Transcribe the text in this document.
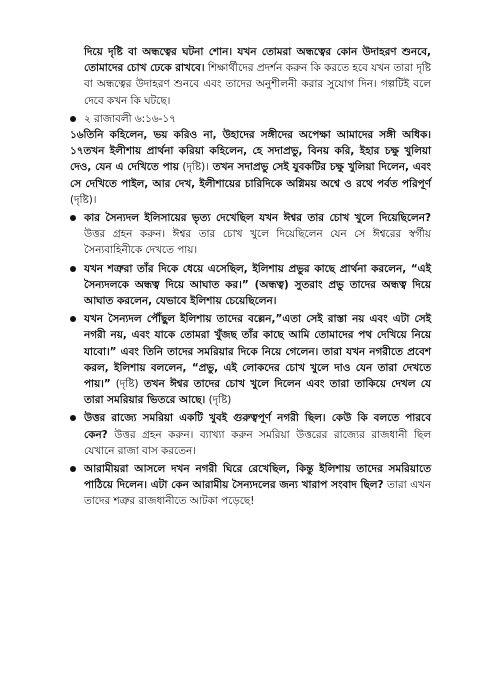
দিয়ে দৃষ্টি বা অন্ধত্বের ঘটনা শোন। যখন তোমরা অন্ধত্বের কোন উদাহরণ শুনবে, তোমাদের চোখ ঢেকে রাখবে। শিক্ষার্থীদের প্রদর্শন করুন কি করতে হবে যখন তারা দৃষ্টি বা অন্ধত্বের উদাহরণ শুনবে এবং তাদের অনুশীলনী করার সুযোগ দিন। গল্পটিই বলে দেবে কখন কি ঘটছে।

২ রাজাবলী ৬:১৬-১৭

১৬তিনি কহিলেন, ভয় করিও না, উহাদের সঙ্গীদের অপেক্ষা আমাদের সঙ্গী অধিক। ১৭তখন ইলীশায় প্রার্থনা করিয়া কহিলেন, হে সদাপ্রভু, বিনয় করি, ইহার চক্ষু খুলিয়া দেও, যেন এ দেখিতে পায় (দৃষ্টি)। তখন সদাপ্রভু সেই যুবকটির চক্ষু খুলিয়া দিলেন, এবং সে দেখিতে পাইল, আর দেখ, ইলীশায়ের চারিদিকে অগ্নিময় অশ্বে ও রথে পর্বত পরিপূর্ণ (দৃষ্টি)।

কার সৈন্যদল ইলিসায়ের ভৃত্য দেখেছিল যখন ঈশ্বর তার চোখ খুলে দিয়েছিলেন? উত্তর গ্রহন করুন। ঈশ্বর তার চোখ খুলে দিয়েছিলেন যেন সে ঈশ্বরের স্বর্গীয় সৈন্যবাহিনীকে দেখতে পায়।
যখন শত্রুরা তাঁর দিকে ধেয়ে এসেছিল, ইলিশায় প্রভুর কাছে প্রার্থনা করলেন, “এই সৈন্যদলকে অন্ধত্ব দিয়ে আঘাত কর।” (অন্ধত্ব) সুতরাং প্রভু তাদের অন্ধত্ব দিয়ে আঘাত করলেন, যেভাবে ইলিশায় চেয়েছিলেন।
যখন সৈন্যদল পৌঁছুল ইলিশায় তাদের বল্লেন,”এতা সেই রাস্তা নয় এবং এটা সেই নগরী নয়, এবং যাকে তোমরা খুঁজছ তাঁর কাছে আমি তোমাদের পথ দেখিয়ে নিয়ে যাবো।” এবং তিনি তাদের সমরিয়ার দিকে নিয়ে গেলেন। তারা যখন নগরীতে প্রবেশ করল, ইলিশায় বললেন, “প্রভু, এই লোকদের চোখ খুলে দাও যেন তারা দেখতে পায়।” (দৃষ্টি) তখন ঈশ্বর তাদের চোখ খুলে দিলেন এবং তারা তাকিয়ে দেখল যে তারা সমরিয়ার ভিতরে আছে। (দৃষ্টি)
উত্তর রাজ্যে সমরিয়া একটি খুবই গুরুত্বপূর্ণ নগরী ছিল। কেউ কি বলতে পারবে কেন? উত্তর গ্রহন করুন। ব্যাখ্যা করুন সমরিয়া উত্তরের রাজ্যের রাজধানী ছিল যেখানে রাজা বাস করতেন।
আরামীয়রা আসলে দখন নগরী ঘিরে রেখেছিল, কিন্তু ইলিশায় তাদের সমরিয়াতে পাঠিয়ে দিলেন। এটা কেন আরামীয় সৈন্যদলের জন্য খারাপ সংবাদ ছিল? তারা এখন তাদের শত্রুর রাজধানীতে আটকা পড়েছে!
